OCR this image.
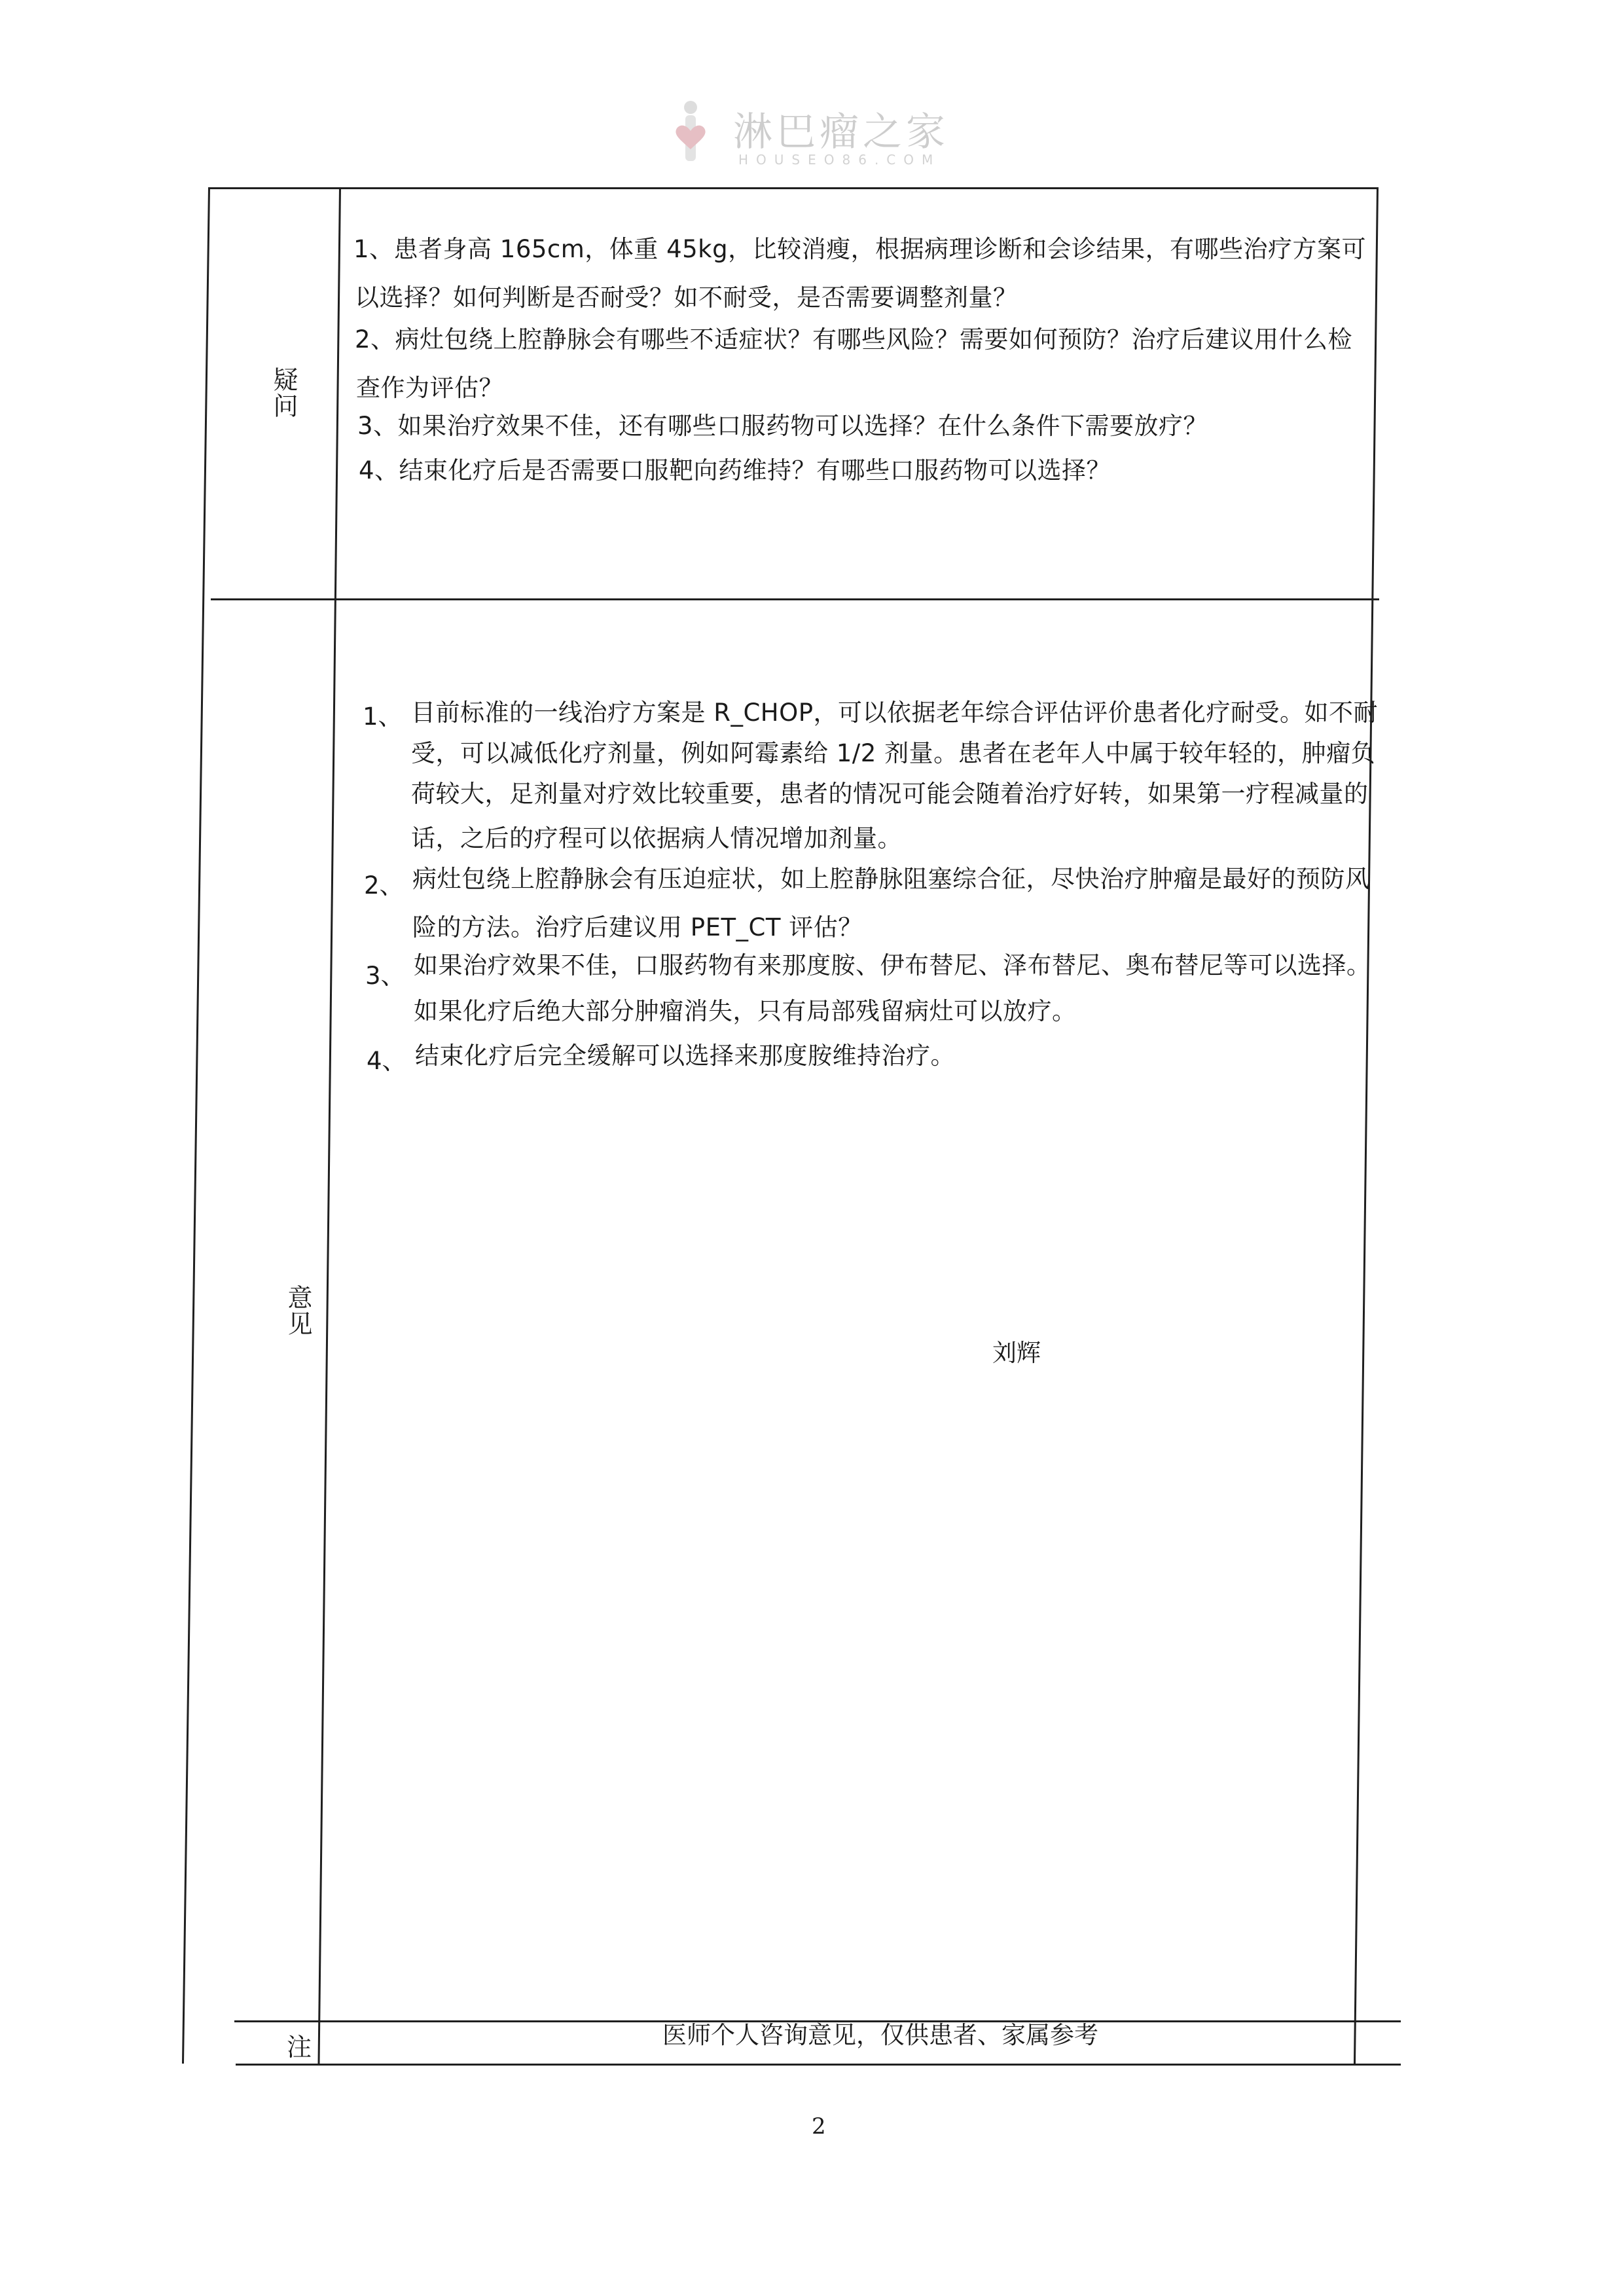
淋巴瘤之家
HOUSEO86.COM
疑问
1、患者身高 165cm，体重 45kg，比较消瘦，根据病理诊断和会诊结果，有哪些治疗方案可
以选择？如何判断是否耐受？如不耐受，是否需要调整剂量？
2、病灶包绕上腔静脉会有哪些不适症状？有哪些风险？需要如何预防？治疗后建议用什么检
查作为评估？
3、如果治疗效果不佳，还有哪些口服药物可以选择？在什么条件下需要放疗？
4、结束化疗后是否需要口服靶向药维持？有哪些口服药物可以选择？
意见
1、 目前标准的一线治疗方案是 R_CHOP，可以依据老年综合评估评价患者化疗耐受。如不耐
受，可以减低化疗剂量，例如阿霉素给 1/2 剂量。患者在老年人中属于较年轻的，肿瘤负
荷较大，足剂量对疗效比较重要，患者的情况可能会随着治疗好转，如果第一疗程减量的
话，之后的疗程可以依据病人情况增加剂量。
2、 病灶包绕上腔静脉会有压迫症状，如上腔静脉阻塞综合征，尽快治疗肿瘤是最好的预防风
险的方法。治疗后建议用 PET_CT 评估？
3、 如果治疗效果不佳，口服药物有来那度胺、伊布替尼、泽布替尼、奥布替尼等可以选择。
如果化疗后绝大部分肿瘤消失，只有局部残留病灶可以放疗。
4、 结束化疗后完全缓解可以选择来那度胺维持治疗。
刘辉
注	医师个人咨询意见，仅供患者、家属参考
2
